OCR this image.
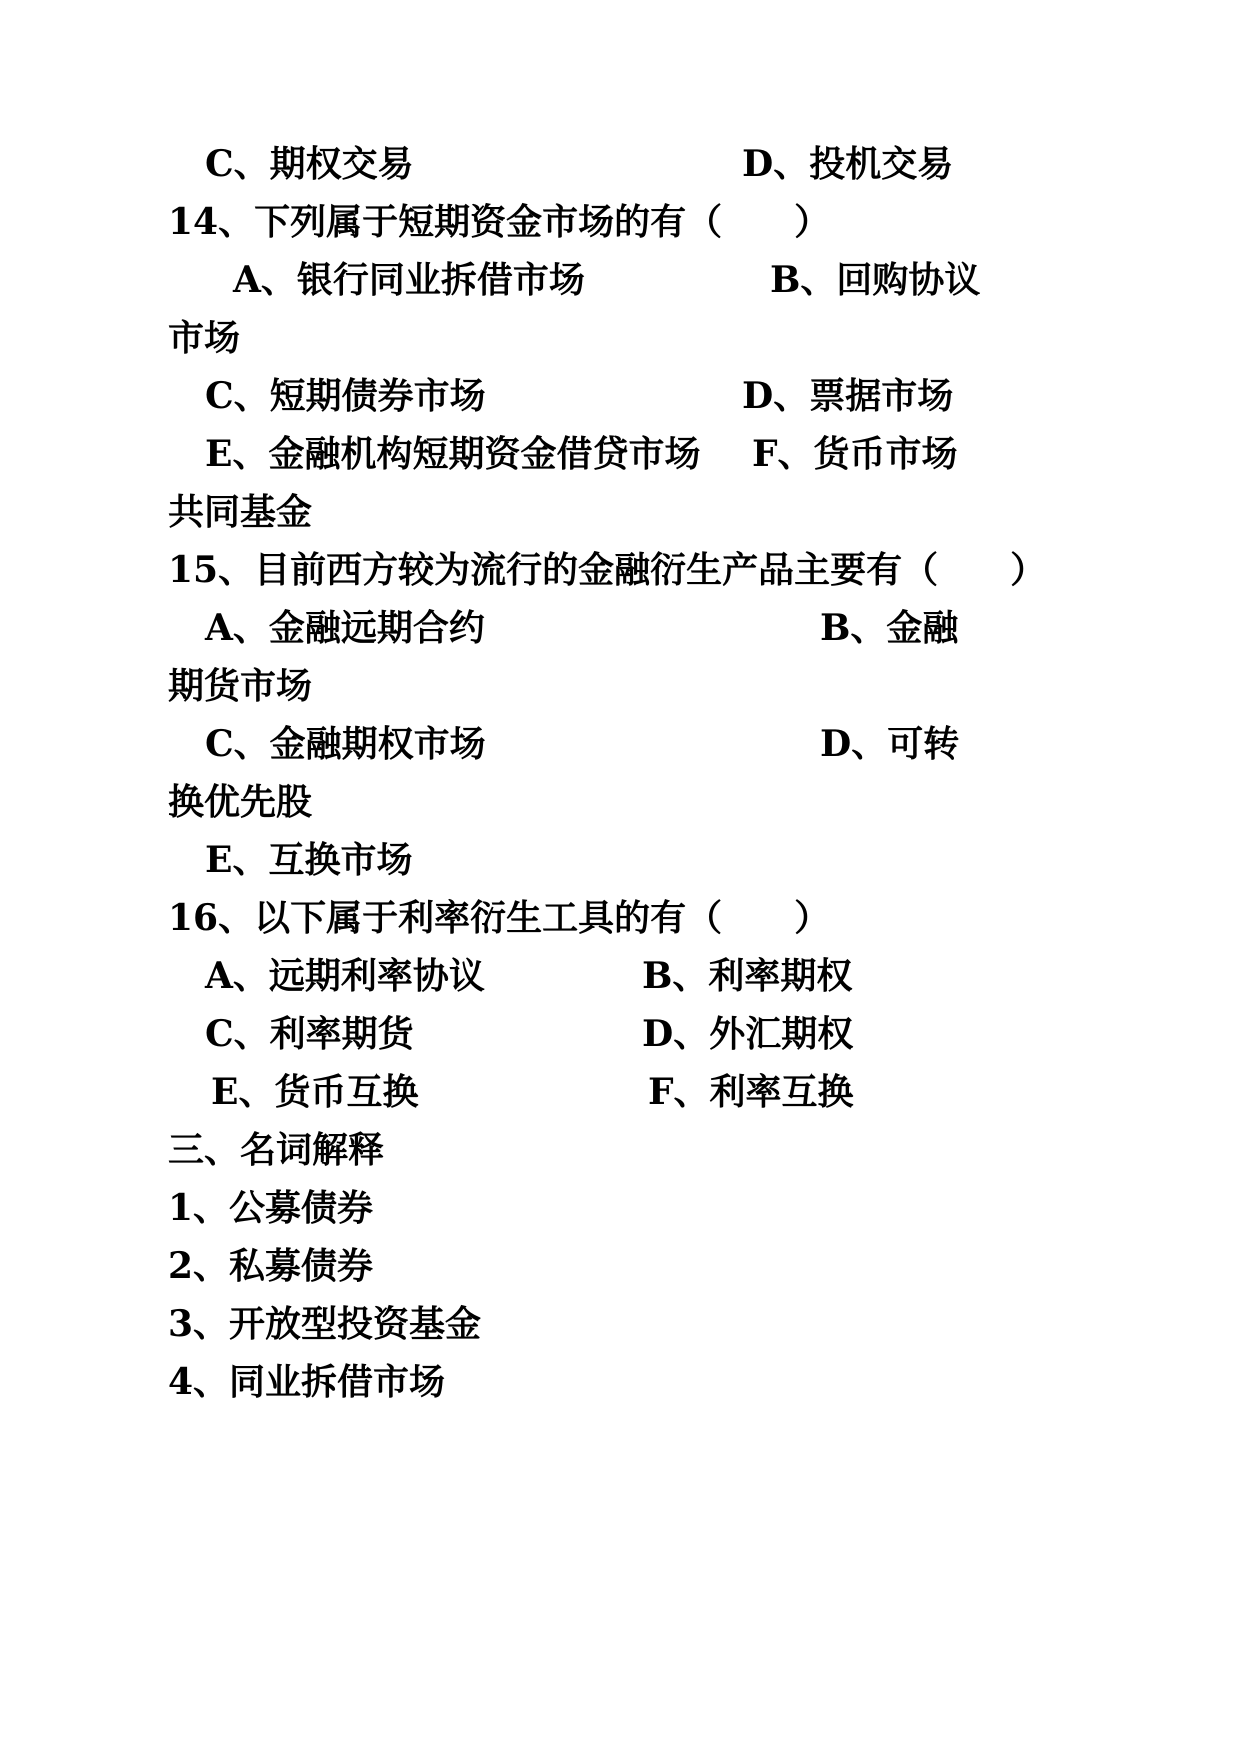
C、期权交易	D、投机交易
14、下列属于短期资金市场的有（　　）
A、银行同业拆借市场	B、回购协议
市场
C、短期债券市场	D、票据市场
E、金融机构短期资金借贷市场 F、货币市场
共同基金
15、目前西方较为流行的金融衍生产品主要有（　　）
A、金融远期合约	B、金融
期货市场
C、金融期权市场	D、可转
换优先股
E、互换市场
16、以下属于利率衍生工具的有（　　）
A、远期利率协议	B、利率期权
C、利率期货	D、外汇期权
E、货币互换	F、利率互换
三、名词解释
1、公募债券
2、私募债券
3、开放型投资基金
4、同业拆借市场
